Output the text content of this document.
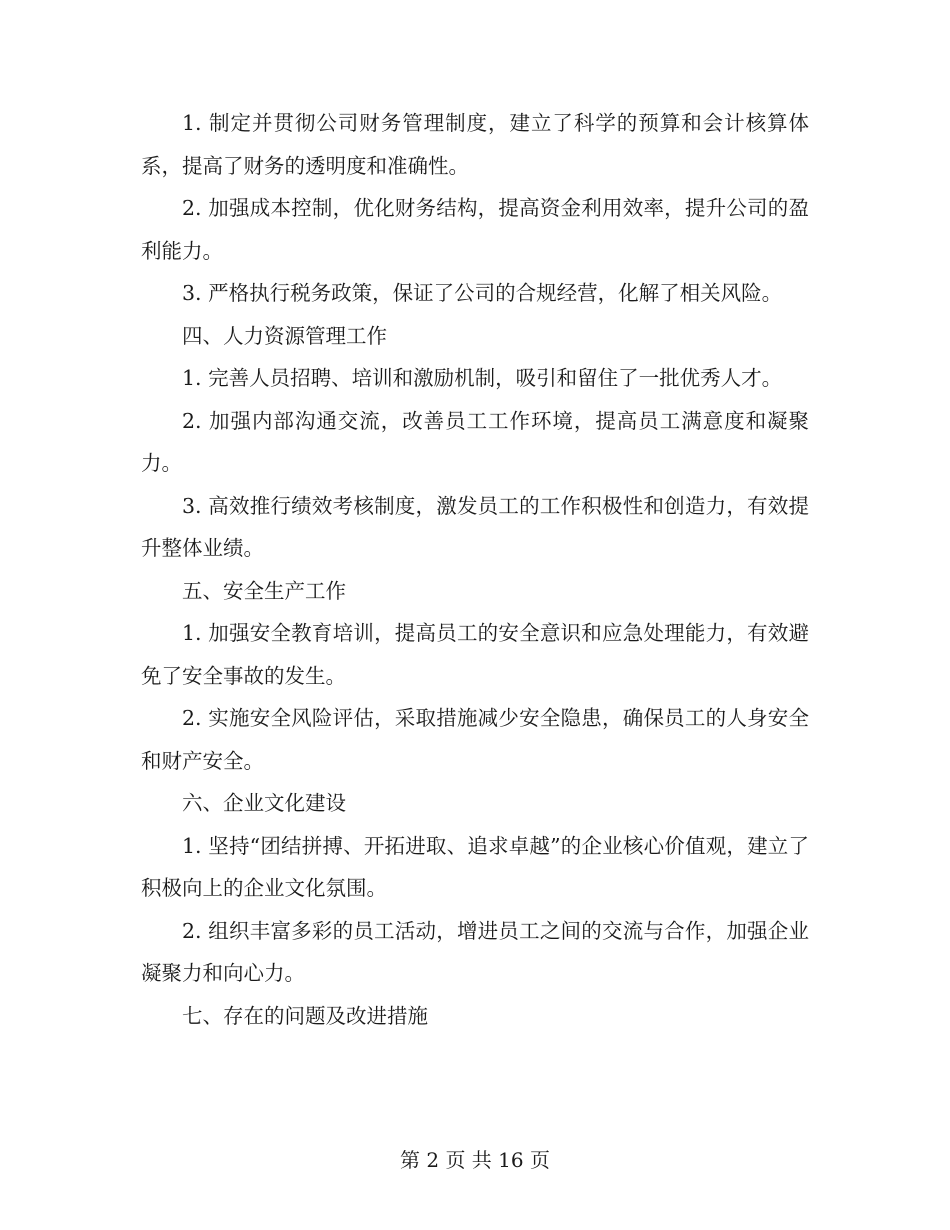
1. 制定并贯彻公司财务管理制度，建立了科学的预算和会计核算体系，提高了财务的透明度和准确性。

2. 加强成本控制，优化财务结构，提高资金利用效率，提升公司的盈利能力。

3. 严格执行税务政策，保证了公司的合规经营，化解了相关风险。

四、人力资源管理工作

1. 完善人员招聘、培训和激励机制，吸引和留住了一批优秀人才。

2. 加强内部沟通交流，改善员工工作环境，提高员工满意度和凝聚力。

3. 高效推行绩效考核制度，激发员工的工作积极性和创造力，有效提升整体业绩。

五、安全生产工作

1. 加强安全教育培训，提高员工的安全意识和应急处理能力，有效避免了安全事故的发生。

2. 实施安全风险评估，采取措施减少安全隐患，确保员工的人身安全和财产安全。

六、企业文化建设

1. 坚持“团结拼搏、开拓进取、追求卓越”的企业核心价值观，建立了积极向上的企业文化氛围。

2. 组织丰富多彩的员工活动，增进员工之间的交流与合作，加强企业凝聚力和向心力。

七、存在的问题及改进措施

第 2 页 共 16 页
